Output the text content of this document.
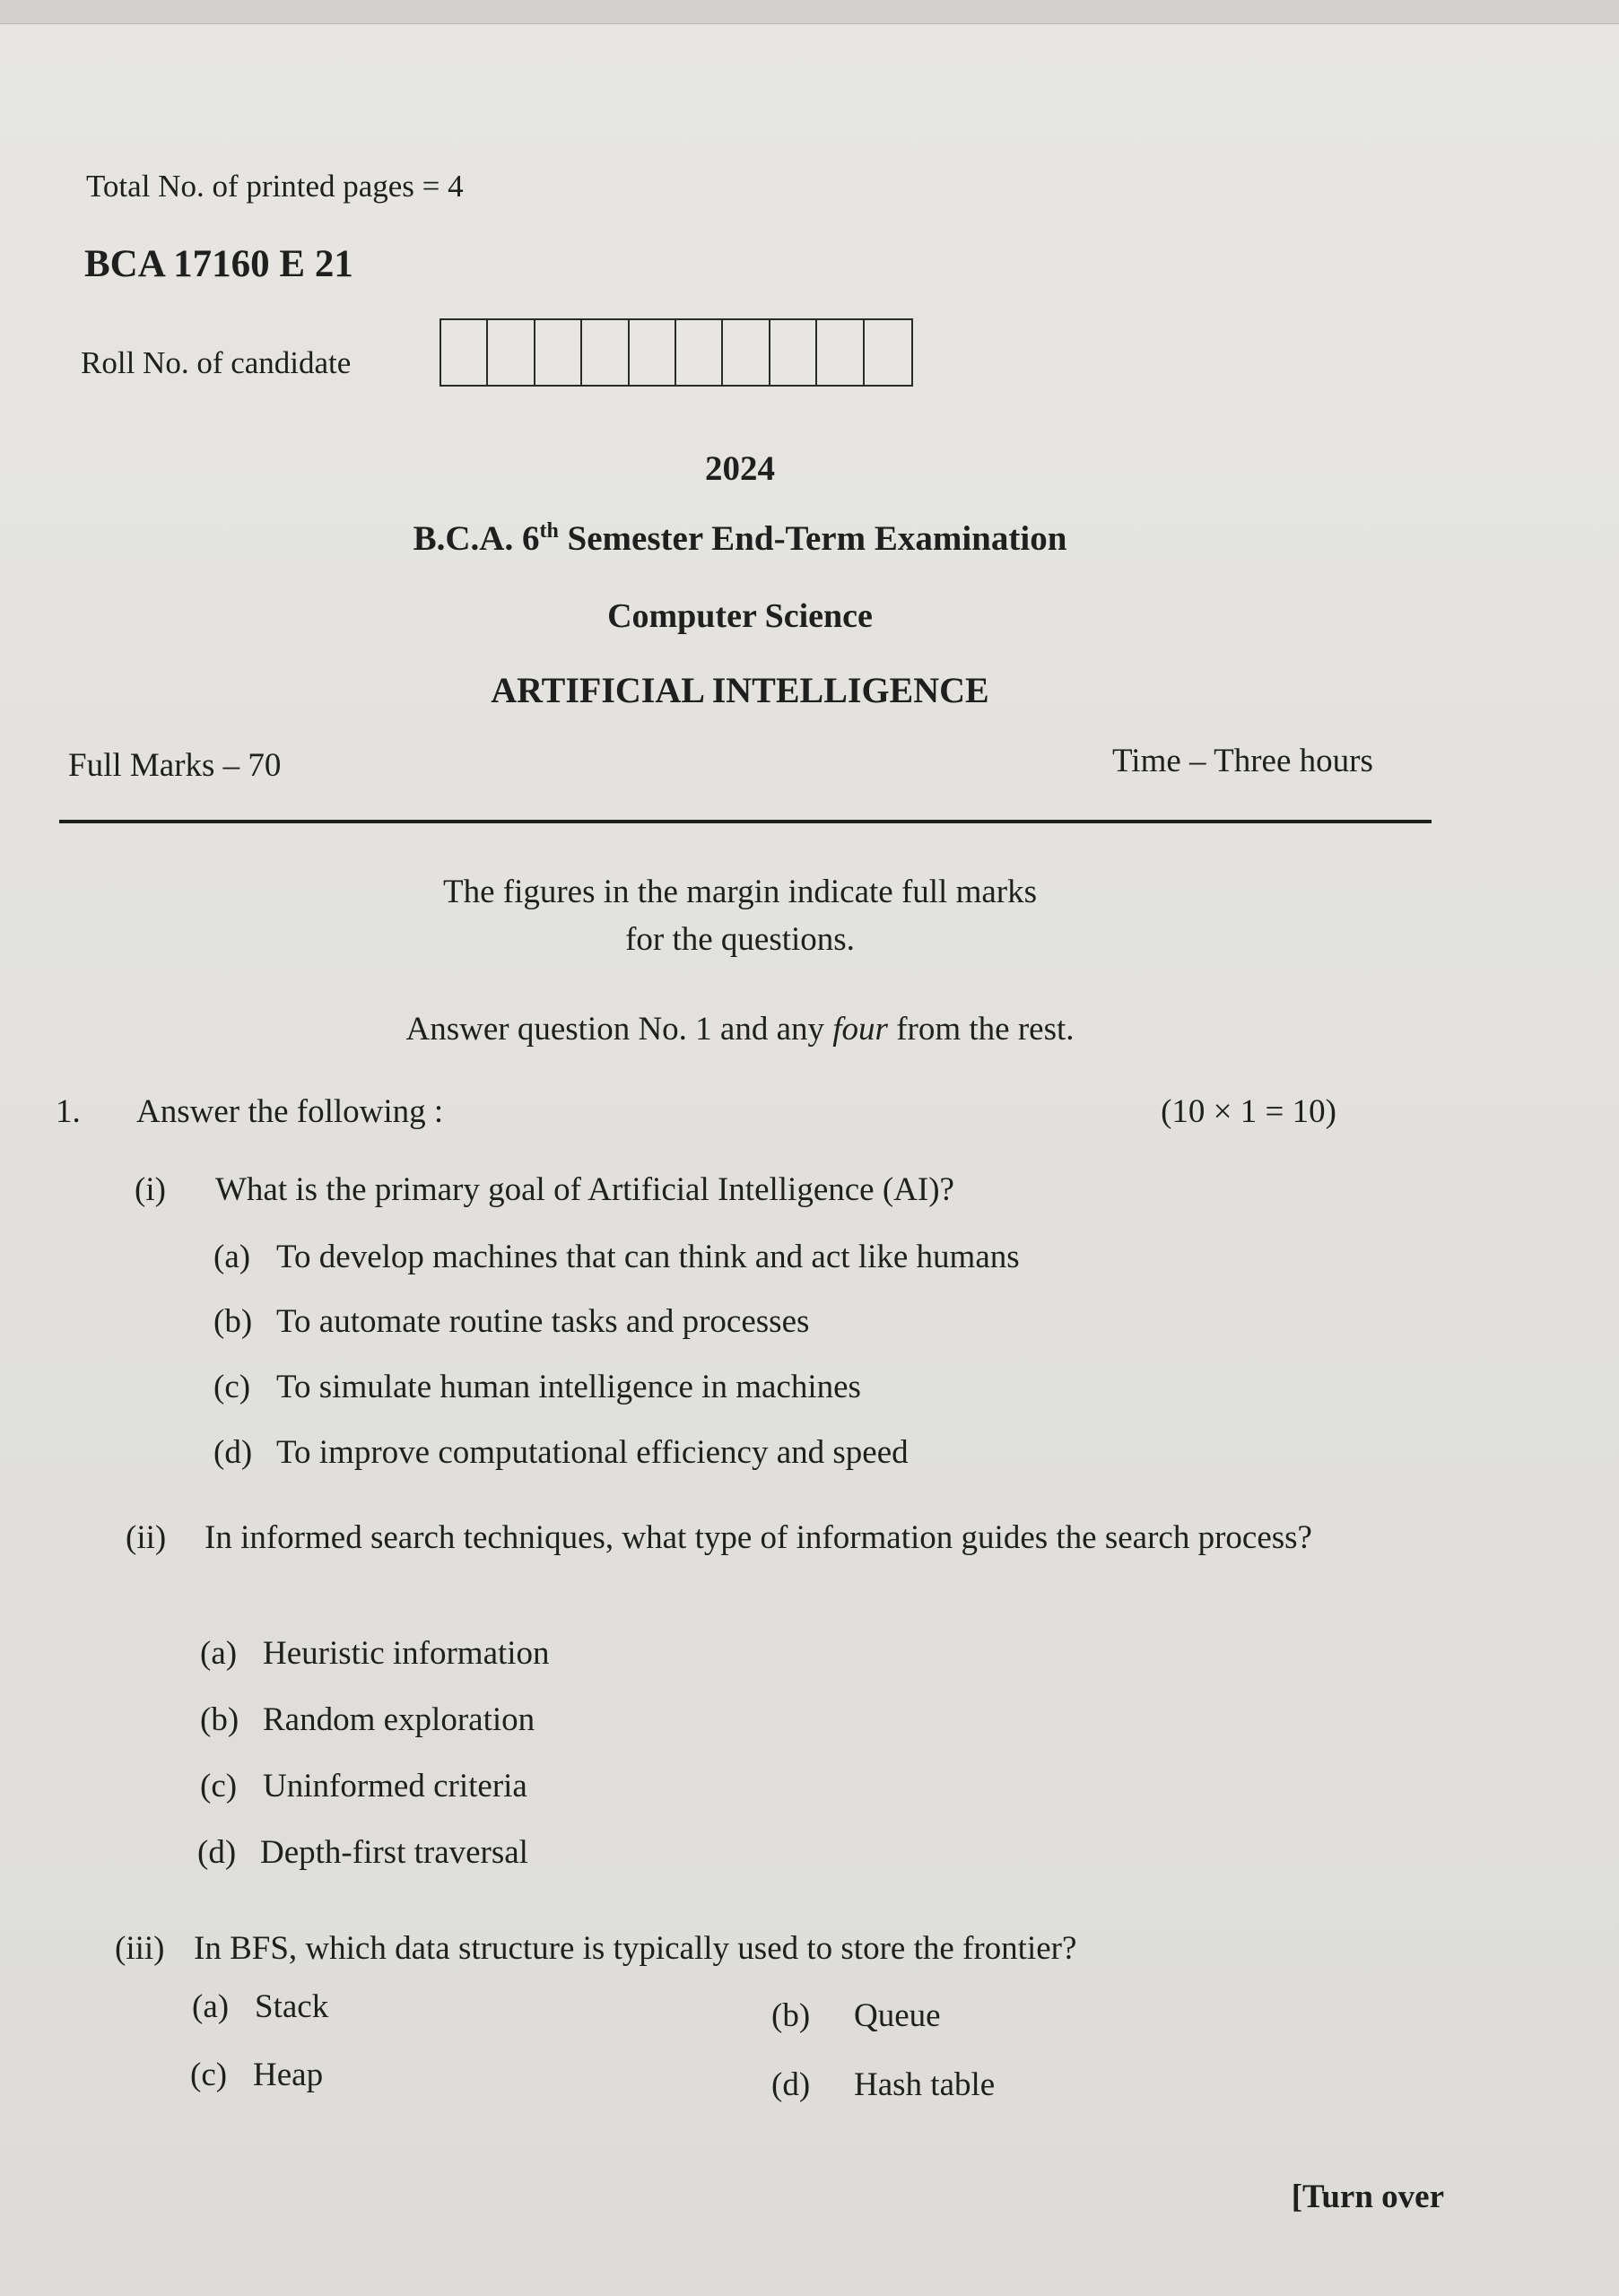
Total No. of printed pages = 4
BCA 17160 E 21
Roll No. of candidate
2024
B.C.A. 6th Semester End-Term Examination
Computer Science
ARTIFICIAL INTELLIGENCE
Full Marks – 70	Time – Three hours
The figures in the margin indicate full marks
for the questions.
Answer question No. 1 and any four from the rest.
1.	Answer the following :	(10 × 1 = 10)
(i) What is the primary goal of Artificial Intelligence (AI)?
(a) To develop machines that can think and act like humans
(b) To automate routine tasks and processes
(c) To simulate human intelligence in machines
(d) To improve computational efficiency and speed
(ii) In informed search techniques, what type of information guides the search process?
(a) Heuristic information
(b) Random exploration
(c) Uninformed criteria
(d) Depth-first traversal
(iii) In BFS, which data structure is typically used to store the frontier?
(a) Stack	(b) Queue
(c) Heap	(d) Hash table
[Turn over
